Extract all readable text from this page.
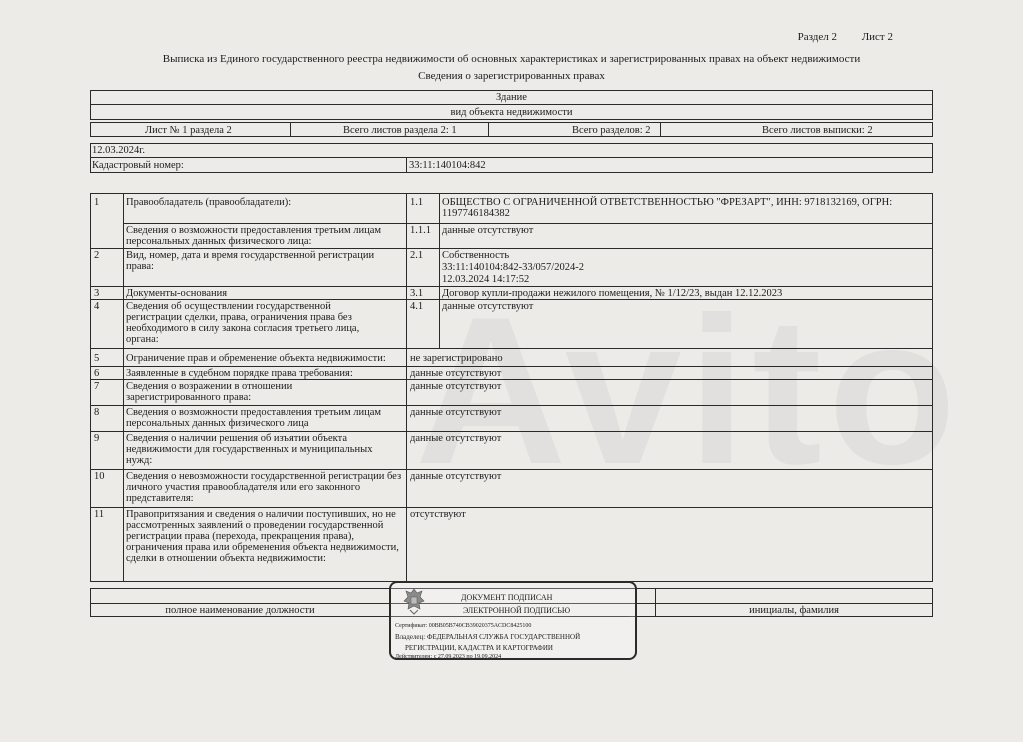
Раздел 2 Лист 2
Выписка из Единого государственного реестра недвижимости об основных характеристиках и зарегистрированных правах на объект недвижимости
Сведения о зарегистрированных правах
Здание
вид объекта недвижимости
Лист № 1 раздела 2	Всего листов раздела 2: 1	Всего разделов: 2	Всего листов выписки: 2
12.03.2024г.
Кадастровый номер:	33:11:140104:842
1	Правообладатель (правообладатели):	1.1 ОБЩЕСТВО С ОГРАНИЧЕННОЙ ОТВЕТСТВЕННОСТЬЮ "ФРЕЗАРТ", ИНН: 9718132169, ОГРН: 1197746184382
Сведения о возможности предоставления третьим лицам персональных данных физического лица:
1.1.1 данные отсутствуют
2	Вид, номер, дата и время государственной регистрации права:
2.1 Собственность
33:11:140104:842-33/057/2024-2
12.03.2024 14:17:52
3	Документы-основания	3.1 Договор купли-продажи нежилого помещения, № 1/12/23, выдан 12.12.2023
4	Сведения об осуществлении государственной регистрации сделки, права, ограничения права без необходимого в силу закона согласия третьего лица, органа:
4.1 данные отсутствуют
5	Ограничение прав и обременение объекта недвижимости: не зарегистрировано
6	Заявленные в судебном порядке права требования:	данные отсутствуют
7	Сведения о возражении в отношении зарегистрированного права:
данные отсутствуют
8	Сведения о возможности предоставления третьим лицам персональных данных физического лица
данные отсутствуют
9	Сведения о наличии решения об изъятии объекта недвижимости для государственных и муниципальных нужд:
данные отсутствуют
10 Сведения о невозможности государственной регистрации без личного участия правообладателя или его законного представителя:
данные отсутствуют
11 Правопритязания и сведения о наличии поступивших, но не рассмотренных заявлений о проведении государственной регистрации права (перехода, прекращения права), ограничения права или обременения объекта недвижимости, сделки в отношении объекта недвижимости:
отсутствуют
полное наименование должности	инициалы, фамилия
ДОКУМЕНТ ПОДПИСАН
ЭЛЕКТРОННОЙ ПОДПИСЬЮ
Сертификат: 00BB05B740CB39020375ACDC8425100
Владелец: ФЕДЕРАЛЬНАЯ СЛУЖБА ГОСУДАРСТВЕННОЙ
РЕГИСТРАЦИИ, КАДАСТРА И КАРТОГРАФИИ
Действителен: с 27.09.2023 по 19.09.2024
